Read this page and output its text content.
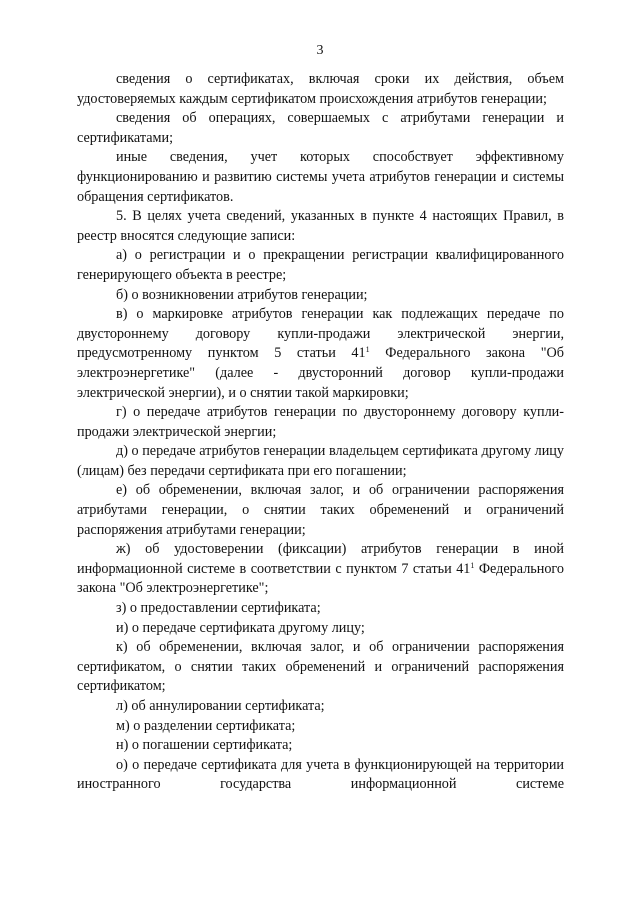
3

сведения о сертификатах, включая сроки их действия, объем удостоверяемых каждым сертификатом происхождения атрибутов генерации;

сведения об операциях, совершаемых с атрибутами генерации и сертификатами;

иные сведения, учет которых способствует эффективному функционированию и развитию системы учета атрибутов генерации и системы обращения сертификатов.

5. В целях учета сведений, указанных в пункте 4 настоящих Правил, в реестр вносятся следующие записи:

а) о регистрации и о прекращении регистрации квалифицированного генерирующего объекта в реестре;

б) о возникновении атрибутов генерации;

в) о маркировке атрибутов генерации как подлежащих передаче по двустороннему договору купли-продажи электрической энергии, предусмотренному пунктом 5 статьи $41^1$ Федерального закона "Об электроэнергетике" (далее - двусторонний договор купли-продажи электрической энергии), и о снятии такой маркировки;

г) о передаче атрибутов генерации по двустороннему договору купли-продажи электрической энергии;

д) о передаче атрибутов генерации владельцем сертификата другому лицу (лицам) без передачи сертификата при его погашении;

е) об обременении, включая залог, и об ограничении распоряжения атрибутами генерации, о снятии таких обременений и ограничений распоряжения атрибутами генерации;

ж) об удостоверении (фиксации) атрибутов генерации в иной информационной системе в соответствии с пунктом 7 статьи $41^1$ Федерального закона "Об электроэнергетике";

з) о предоставлении сертификата;

и) о передаче сертификата другому лицу;

к) об обременении, включая залог, и об ограничении распоряжения сертификатом, о снятии таких обременений и ограничений распоряжения сертификатом;

л) об аннулировании сертификата;

м) о разделении сертификата;

н) о погашении сертификата;

о) о передаче сертификата для учета в функционирующей на территории иностранного государства информационной системе
